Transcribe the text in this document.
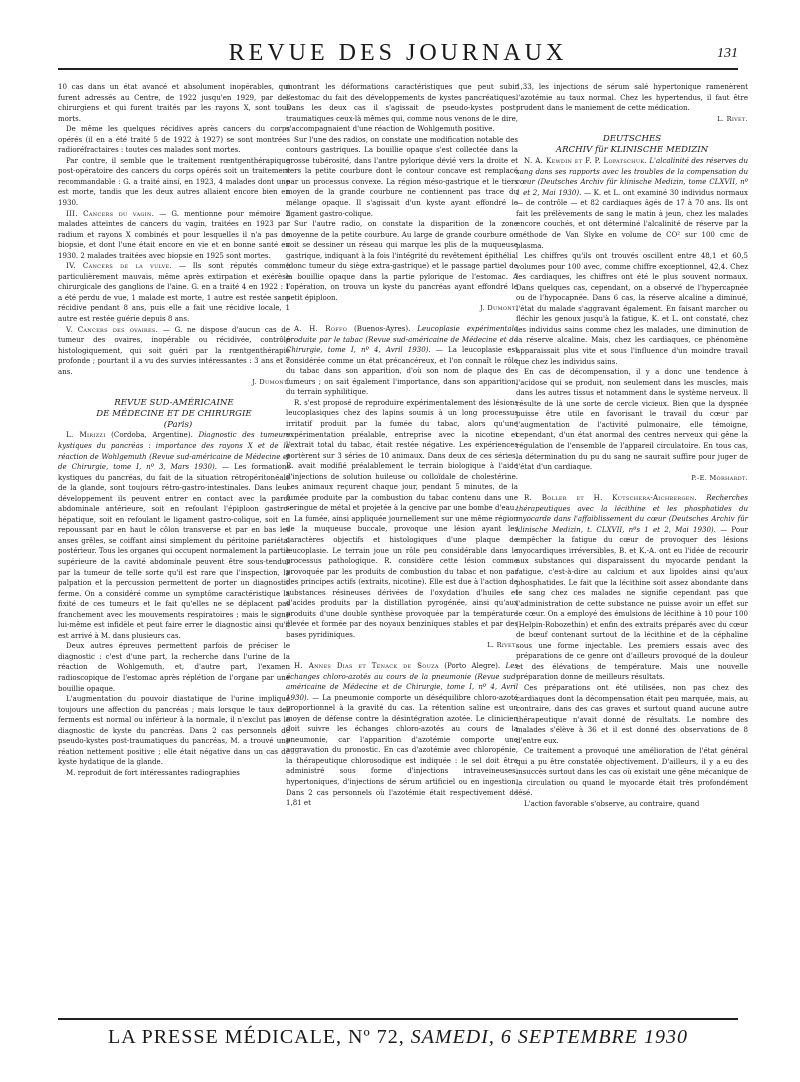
REVUE DES JOURNAUX	131

10 cas dans un état avancé et absolument inopérables, qui furent adressés au Centre, de 1922 jusqu'en 1929, par des chirurgiens et qui furent traités par les rayons X, sont tous morts.

De même les quelques récidives après cancers du corps opérés (il en a été traité 5 de 1922 à 1927) se sont montrées radioréfractaires : toutes ces malades sont mortes.

Par contre, il semble que le traitement rœntgenthérapique post-opératoire des cancers du corps opérés soit un traitement recommandable : G. a traité ainsi, en 1923, 4 malades dont une est morte, tandis que les deux autres allaient encore bien en 1930.

III. Cancers du vagin. — G. mentionne pour mémoire 2 malades atteintes de cancers du vagin, traitées en 1923 par radium et rayons X combinés et pour lesquelles il n'a pas de biopsie, et dont l'une était encore en vie et en bonne santé en 1930. 2 malades traitées avec biopsie en 1925 sont mortes.

IV. Cancers de la vulve. — Ils sont réputés comme particulièrement mauvais, même après extirpation et exérèse chirurgicale des ganglions de l'aine. G. en a traité 4 en 1922 : 1 a été perdu de vue, 1 malade est morte, 1 autre est restée sans récidive pendant 8 ans, puis elle a fait une récidive locale, 1 autre est restée guérie depuis 8 ans.

V. Cancers des ovaires. — G. ne dispose d'aucun cas de tumeur des ovaires, inopérable ou récidivée, contrôlé histologiquement, qui soit guéri par la rœntgenthérapie profonde ; pourtant il a vu des survies intéressantes : 3 ans et 7 ans.

J. Dumont.

REVUE SUD-AMÉRICAINE
DE MÉDECINE ET DE CHIRURGIE

(Paris)

L. Mirizzi (Cordoba, Argentine). Diagnostic des tumeurs kystiques du pancréas : importance des rayons X et de la réaction de Wohlgemuth (Revue sud-américaine de Médecine et de Chirurgie, tome I, nº 3, Mars 1930). — Les formations kystiques du pancréas, du fait de la situation rétropéritonéale de la glande, sont toujours rétro-gastro-intestinales. Dans leur développement ils peuvent entrer en contact avec la paroi abdominale antérieure, soit en refoulant l'épiploon gastro-hépatique, soit en refoulant le ligament gastro-colique, soit en repoussant par en haut le côlon transverse et par en bas les anses grêles, se coiffant ainsi simplement du péritoine pariétal postérieur. Tous les organes qui occupent normalement la partie supérieure de la cavité abdominale peuvent être sous-tendus par la tumeur de telle sorte qu'il est rare que l'inspection, la palpation et la percussion permettent de porter un diagnostic ferme. On a considéré comme un symptôme caractéristique la fixité de ces tumeurs et le fait qu'elles ne se déplacent pas franchement avec les mouvements respiratoires ; mais le signe lui-même est infidèle et peut faire errer le diagnostic ainsi qu'il est arrivé à M. dans plusieurs cas.

Deux autres épreuves permettent parfois de préciser le diagnostic : c'est d'une part, la recherche dans l'urine de la réaction de Wohlgemuth, et, d'autre part, l'examen radioscopique de l'estomac après réplétion de l'organe par une bouillie opaque.

L'augmentation du pouvoir diastatique de l'urine implique toujours une affection du pancréas ; mais lorsque le taux des ferments est normal ou inférieur à la normale, il n'exclut pas le diagnostic de kyste du pancréas. Dans 2 cas personnels de pseudo-kystes post-traumatiques du pancréas, M. a trouvé une réation nettement positive ; elle était négative dans un cas de kyste hydatique de la glande.

M. reproduit de fort intéressantes radiographies

montrant les déformations caractéristiques que peut subir l'estomac du fait des développements de kystes pancréatiques. Dans les deux cas il s'agissait de pseudo-kystes post-traumatiques ceux-là mêmes qui, comme nous venons de le dire, s'accompagnaient d'une réaction de Wohlgemuth positive.

Sur l'une des radios, on constate une modification notable des contours gastriques. La bouillie opaque s'est collectée dans la grosse tubérosité, dans l'antre pylorique dévié vers la droite et vers la petite courbure dont le contour concave est remplacé par un processus convexe. La région méso-gastrique et le tiers moyen de la grande courbure ne contiennent pas trace du mélange opaque. Il s'agissait d'un kyste ayant effondré le ligament gastro-colique.

Sur l'autre radio, on constate la disparition de la zone moyenne de la petite courbure. Au large de grande courbure on voit se dessiner un réseau qui marque les plis de la muqueuse gastrique, indiquant à la fois l'intégrité du revêtement épithélial (donc tumeur du siège extra-gastrique) et le passage partiel de la bouillie opaque dans la partie pylorique de l'estomac. A l'opération, on trouva un kyste du pancréas ayant effondré le petit épiploon.

J. Dumont.

A. H. Roffo (Buenos-Ayres). Leucoplasie expérimentale produite par le tabac (Revue sud-américaine de Médecine et de Chirurgie, tome I, nº 4, Avril 1930). — La leucoplasie est considérée comme un état précancéreux, et l'on connaît le rôle du tabac dans son apparition, d'où son nom de plaque des fumeurs ; on sait également l'importance, dans son apparition, du terrain syphilitique.

R. s'est proposé de reproduire expérimentalement des lésions leucoplasiques chez des lapins soumis à un long processus irritatif produit par la fumée du tabac, alors qu'une expérimentation préalable, entreprise avec la nicotine et l'extrait total du tabac, était restée négative. Les expériences portèrent sur 3 séries de 10 animaux. Dans deux de ces séries, R. avait modifié préalablement le terrain biologique à l'aide d'injections de solution huileuse ou colloïdale de cholestérine. Les animaux reçurent chaque jour, pendant 5 minutes, de la fumée produite par la combustion du tabac contenu dans une seringue de métal et projetée à la gencive par une bombe d'eau.

La fumée, ainsi appliquée journellement sur une même région de la muqueuse buccale, provoque une lésion ayant les caractères objectifs et histologiques d'une plaque de leucoplasie. Le terrain joue un rôle peu considérable dans le processus pathologique. R. considère cette lésion comme provoquée par les produits de combustion du tabac et non par des principes actifs (extraits, nicotine). Elle est due à l'action de substances résineuses dérivées de l'oxydation d'huiles et d'acides produits par la distillation pyrogénée, ainsi qu'aux produits d'une double synthèse provoquée par la température élevée et formée par des noyaux benziniques stables et par des bases pyridiniques.

L. Rivet.

H. Annes Dias et Tenack de Souza (Porto Alegre). Les échanges chloro-azotés au cours de la pneumonie (Revue sud-américaine de Médecine et de Chirurgie, tome I, nº 4, Avril 1930). — La pneumonie comporte un déséquilibre chloro-azoté proportionnel à la gravité du cas. La rétention saline est un moyen de défense contre la désintégration azotée. Le clinicien doit suivre les échanges chloro-azotés au cours de la pneumonie, car l'apparition d'azotémie comporte une aggravation du pronostic. En cas d'azotémie avec chloropénie, la thérapeutique chlorosodique est indiquée : le sel doit être administré sous forme d'injections intraveineuses, hypertoniques, d'injections de sérum artificiel ou en ingestion. Dans 2 cas personnels où l'azotémie était respectivement de 1,81 et

1,33, les injections de sérum salé hypertonique ramenèrent l'azotémie au taux normal. Chez les hypertendus, il faut être prudent dans le maniement de cette médication.

L. Rivet.

DEUTSCHES
ARCHIV für KLINISCHE MEDIZIN

N. A. Kewdin et F. P. Lopatschuk. L'alcalinité des réserves du sang dans ses rapports avec les troubles de la compensation du cœur (Deutsches Archiv für klinische Medizin, tome CLXVII, nº 1 et 2, Mai 1930). — K. et L. ont examiné 30 individus normaux — de contrôle — et 82 cardiaques âgés de 17 à 70 ans. Ils ont fait les prélèvements de sang le matin à jeun, chez les malades encore couchés, et ont déterminé l'alcalinité de réserve par la méthode de Van Slyke en volume de CO² sur 100 cmc de plasma.

Les chiffres qu'ils ont trouvés oscillent entre 48,1 et 60,5 volumes pour 100 avec, comme chiffre exceptionnel, 42,4. Chez les cardiaques, les chiffres ont été le plus souvent normaux. Dans quelques cas, cependant, on a observé de l'hypercapnée ou de l'hypocapnée. Dans 6 cas, la réserve alcaline a diminué, l'état du malade s'aggravant également. En faisant marcher ou fléchir les genoux jusqu'à la fatigue, K. et L. ont constaté, chez les individus sains comme chez les malades, une diminution de la réserve alcaline. Mais, chez les cardiaques, ce phénomène apparaissait plus vite et sous l'influence d'un moindre travail que chez les individus sains.

En cas de décompensation, il y a donc une tendence à l'acidose qui se produit, non seulement dans les muscles, mais dans les autres tissus et notamment dans le système nerveux. Il résulte de là une sorte de cercle vicieux. Bien que la dyspnée puisse être utile en favorisant le travail du cœur par l'augmentation de l'activité pulmonaire, elle témoigne, cependant, d'un état anormal des centres nerveux qui gêne la régulation de l'ensemble de l'appareil circulatoire. En tous cas, la détermination du pu du sang ne saurait suffire pour juger de l'état d'un cardiaque.

P.-E. Morhardt.

R. Boller et H. Kutschera-Aichbergen. Recherches thérapeutiques avec la lécithine et les phosphatides du myocarde dans l'affaiblissement du cœur (Deutsches Archiv für klinische Medizin, t. CLXVII, nºs 1 et 2, Mai 1930). — Pour empêcher la fatigue du cœur de provoquer des lésions myocardiques irréversibles, B. et K.-A. ont eu l'idée de recourir aux substances qui disparaissent du myocarde pendant la fatigue, c'est-à-dire au calcium et aux lipoïdes ainsi qu'aux phosphatides. Le fait que la lécithine soit assez abondante dans le sang chez ces malades ne signifie cependant pas que l'administration de cette substance ne puisse avoir un effet sur le cœur. On a employé des émulsions de lécithine à 10 pour 100 (Helpin-Robozethin) et enfin des extraits préparés avec du cœur de bœuf contenant surtout de la lécithine et de la céphaline sous une forme injectable. Les premiers essais avec des préparations de ce genre ont d'ailleurs provoqué de la douleur et des élévations de température. Mais une nouvelle préparation donne de meilleurs résultats.

Ces préparations ont été utilisées, non pas chez des cardiaques dont la décompensation était peu marquée, mais, au contraire, dans des cas graves et surtout quand aucune autre thérapeutique n'avait donné de résultats. Le nombre des malades s'élève à 36 et il est donné des observations de 8 d'entre eux.

Ce traitement a provoqué une amélioration de l'état général qui a pu être constatée objectivement. D'ailleurs, il y a eu des insuccès surtout dans les cas où existait une gêne mécanique de la circulation ou quand le myocarde était très profondément lésé.

L'action favorable s'observe, au contraire, quand

LA PRESSE MÉDICALE, Nº 72, SAMEDI, 6 SEPTEMBRE 1930
